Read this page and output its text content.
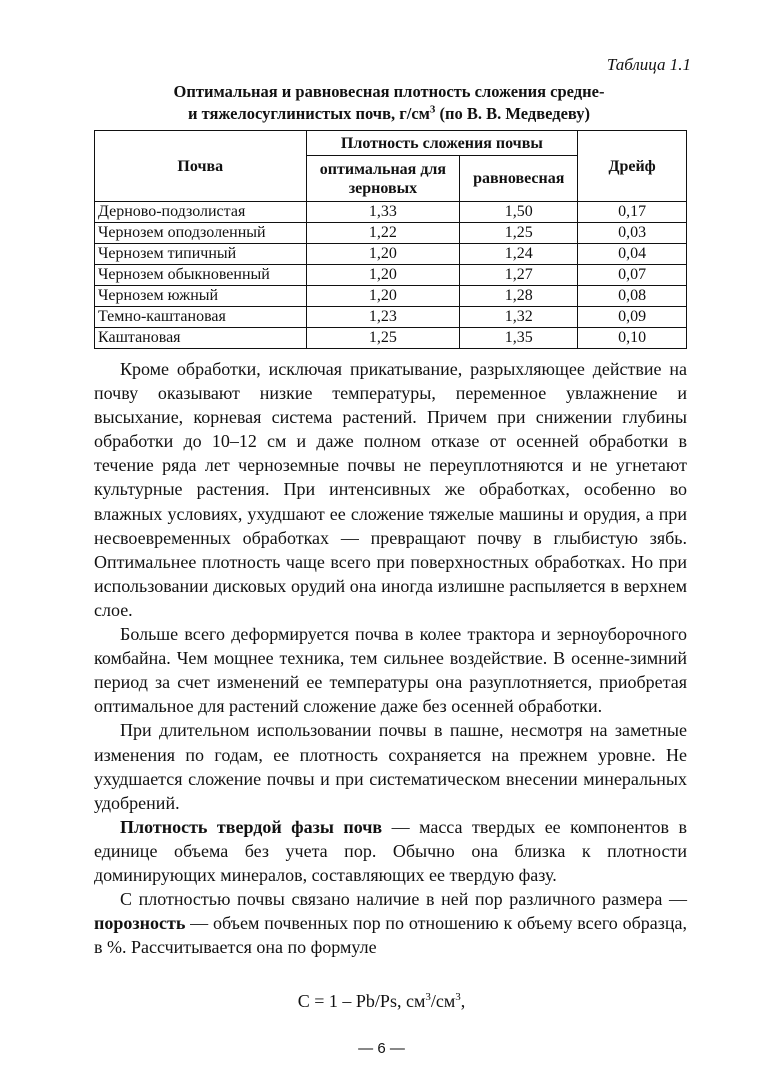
Таблица 1.1
Оптимальная и равновесная плотность сложения средне-
и тяжелосуглинистых почв, $г/см^3$ (по В. В. Медведеву)
Почва	Плотность сложения почвы		Дрейф
	оптимальная для зерновых	равновесная	
Дерново-подзолистая	1,33	1,50	0,17
Чернозем оподзоленный	1,22	1,25	0,03
Чернозем типичный	1,20	1,24	0,04
Чернозем обыкновенный	1,20	1,27	0,07
Чернозем южный	1,20	1,28	0,08
Темно-каштановая	1,23	1,32	0,09
Каштановая	1,25	1,35	0,10

Кроме обработки, исключая прикатывание, разрыхляющее действие на почву оказывают низкие температуры, переменное увлажнение и высыхание, корневая система растений. Причем при снижении глубины обработки до 10–12 см и даже полном отказе от осенней обработки в течение ряда лет черноземные почвы не переуплотняются и не угнетают культурные растения. При интенсивных же обработках, особенно во влажных условиях, ухудшают ее сложение тяжелые машины и орудия, а при несвоевременных обработках — превращают почву в глыбистую зябь. Оптимальнее плотность чаще всего при поверхностных обработках. Но при использовании дисковых орудий она иногда излишне распыляется в верхнем слое.

Больше всего деформируется почва в колее трактора и зерноуборочного комбайна. Чем мощнее техника, тем сильнее воздействие. В осенне-зимний период за счет изменений ее температуры она разуплотняется, приобретая оптимальное для растений сложение даже без осенней обработки.

При длительном использовании почвы в пашне, несмотря на заметные изменения по годам, ее плотность сохраняется на прежнем уровне. Не ухудшается сложение почвы и при систематическом внесении минеральных удобрений.

Плотность твердой фазы почв — масса твердых ее компонентов в единице объема без учета пор. Обычно она близка к плотности доминирующих минералов, составляющих ее твердую фазу.

С плотностью почвы связано наличие в ней пор различного размера — порозность — объем почвенных пор по отношению к объему всего образца, в %. Рассчитывается она по формуле

C = 1 – Pb/Ps, $см^3/см^3$,
— 6 —
